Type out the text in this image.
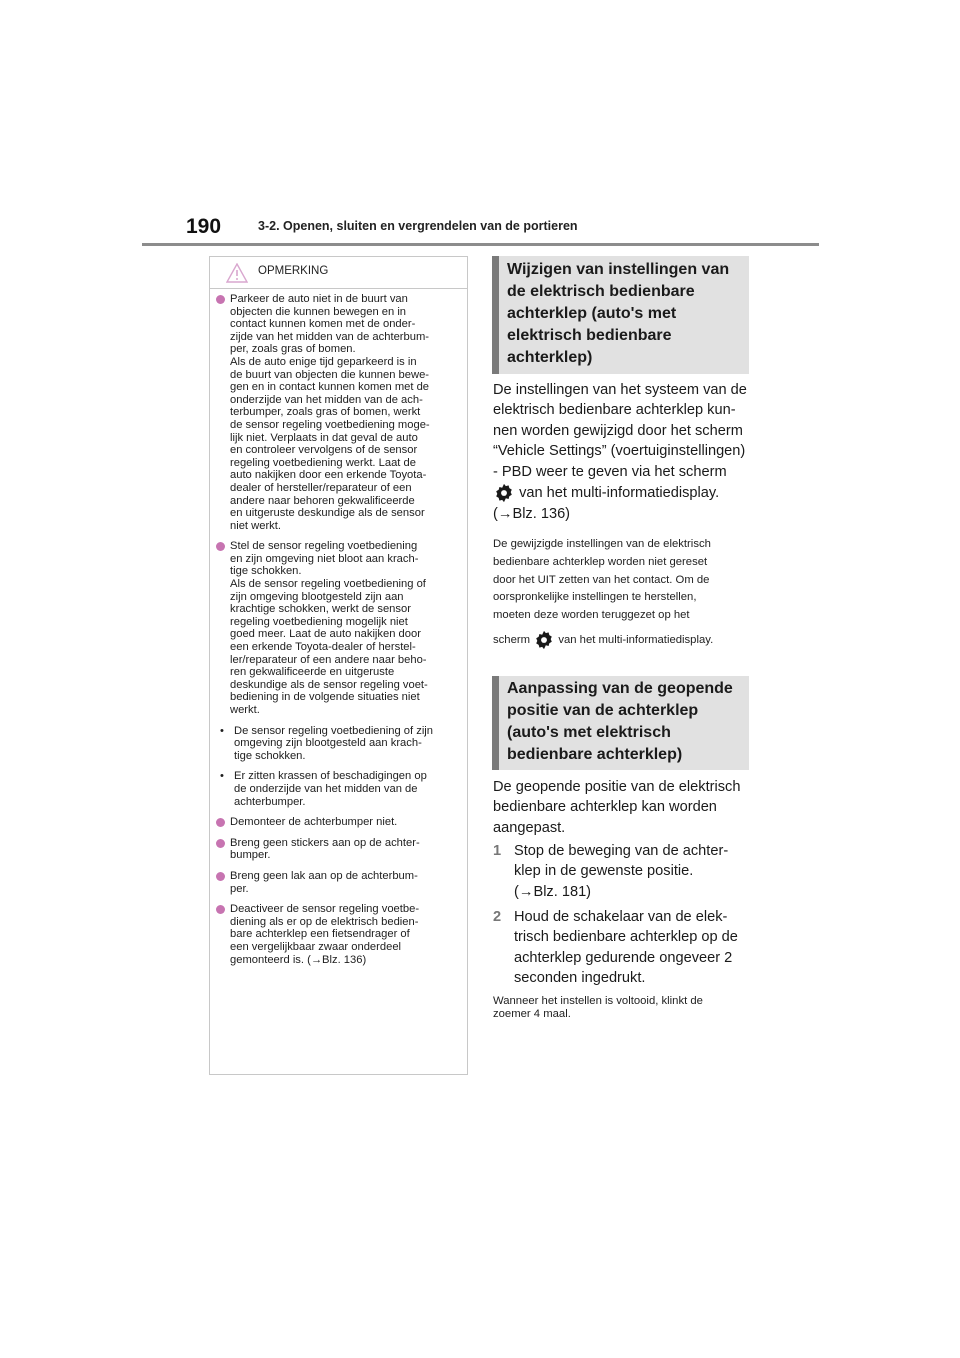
190	3-2. Openen, sluiten en vergrendelen van de portieren
OPMERKING
Parkeer de auto niet in de buurt van
objecten die kunnen bewegen en in
contact kunnen komen met de onder-
zijde van het midden van de achterbum-
per, zoals gras of bomen.
Als de auto enige tijd geparkeerd is in
de buurt van objecten die kunnen bewe-
gen en in contact kunnen komen met de
onderzijde van het midden van de ach-
terbumper, zoals gras of bomen, werkt
de sensor regeling voetbediening moge-
lijk niet. Verplaats in dat geval de auto
en controleer vervolgens of de sensor
regeling voetbediening werkt. Laat de
auto nakijken door een erkende Toyota-
dealer of hersteller/reparateur of een
andere naar behoren gekwalificeerde
en uitgeruste deskundige als de sensor
niet werkt.
Stel de sensor regeling voetbediening
en zijn omgeving niet bloot aan krach-
tige schokken.
Als de sensor regeling voetbediening of
zijn omgeving blootgesteld zijn aan
krachtige schokken, werkt de sensor
regeling voetbediening mogelijk niet
goed meer. Laat de auto nakijken door
een erkende Toyota-dealer of herstel-
ler/reparateur of een andere naar beho-
ren gekwalificeerde en uitgeruste
deskundige als de sensor regeling voet-
bediening in de volgende situaties niet
werkt.
• De sensor regeling voetbediening of zijn
omgeving zijn blootgesteld aan krach-
tige schokken.
• Er zitten krassen of beschadigingen op
de onderzijde van het midden van de
achterbumper.
Demonteer de achterbumper niet.
Breng geen stickers aan op de achter-
bumper.
Breng geen lak aan op de achterbum-
per.
Deactiveer de sensor regeling voetbe-
diening als er op de elektrisch bedien-
bare achterklep een fietsendrager of
een vergelijkbaar zwaar onderdeel
gemonteerd is. (→Blz. 136)
Wijzigen van instellingen van
de elektrisch bedienbare
achterklep (auto's met
elektrisch bedienbare
achterklep)
De instellingen van het systeem van de
elektrisch bedienbare achterklep kun-
nen worden gewijzigd door het scherm
“Vehicle Settings” (voertuiginstellingen)
- PBD weer te geven via het scherm
van het multi-informatiedisplay.
(→Blz. 136)
De gewijzigde instellingen van de elektrisch
bedienbare achterklep worden niet gereset
door het UIT zetten van het contact. Om de
oorspronkelijke instellingen te herstellen,
moeten deze worden teruggezet op het
scherm	van het multi-informatiedisplay.
Aanpassing van de geopende
positie van de achterklep
(auto's met elektrisch
bedienbare achterklep)
De geopende positie van de elektrisch
bedienbare achterklep kan worden
aangepast.
1 Stop de beweging van de achter-
klep in de gewenste positie.
(→Blz. 181)
2 Houd de schakelaar van de elek-
trisch bedienbare achterklep op de
achterklep gedurende ongeveer 2
seconden ingedrukt.
Wanneer het instellen is voltooid, klinkt de
zoemer 4 maal.
